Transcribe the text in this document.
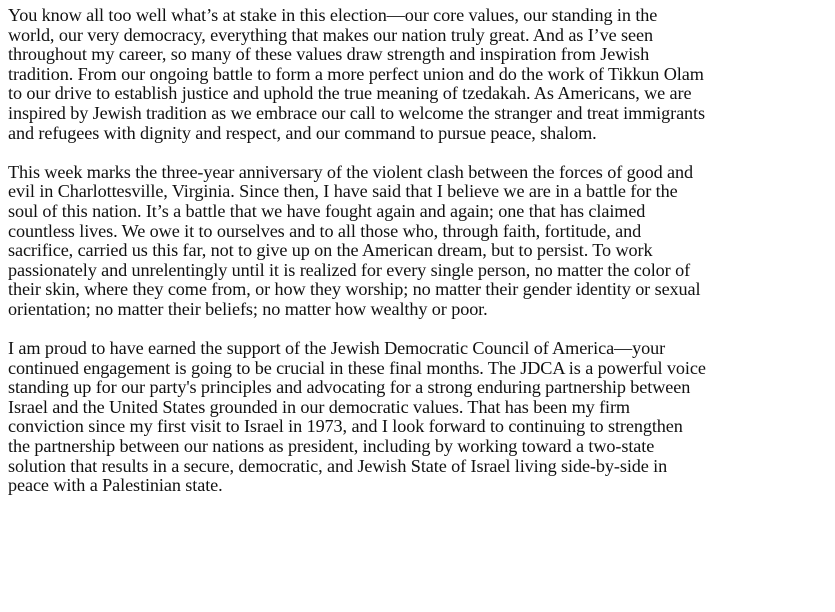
You know all too well what’s at stake in this election—our core values, our standing in the
world, our very democracy, everything that makes our nation truly great. And as I’ve seen
throughout my career, so many of these values draw strength and inspiration from Jewish
tradition. From our ongoing battle to form a more perfect union and do the work of Tikkun Olam
to our drive to establish justice and uphold the true meaning of tzedakah. As Americans, we are
inspired by Jewish tradition as we embrace our call to welcome the stranger and treat immigrants
and refugees with dignity and respect, and our command to pursue peace, shalom.

This week marks the three-year anniversary of the violent clash between the forces of good and
evil in Charlottesville, Virginia. Since then, I have said that I believe we are in a battle for the
soul of this nation. It’s a battle that we have fought again and again; one that has claimed
countless lives. We owe it to ourselves and to all those who, through faith, fortitude, and
sacrifice, carried us this far, not to give up on the American dream, but to persist. To work
passionately and unrelentingly until it is realized for every single person, no matter the color of
their skin, where they come from, or how they worship; no matter their gender identity or sexual
orientation; no matter their beliefs; no matter how wealthy or poor.

I am proud to have earned the support of the Jewish Democratic Council of America—your
continued engagement is going to be crucial in these final months. The JDCA is a powerful voice
standing up for our party's principles and advocating for a strong enduring partnership between
Israel and the United States grounded in our democratic values. That has been my firm
conviction since my first visit to Israel in 1973, and I look forward to continuing to strengthen
the partnership between our nations as president, including by working toward a two-state
solution that results in a secure, democratic, and Jewish State of Israel living side-by-side in
peace with a Palestinian state.
